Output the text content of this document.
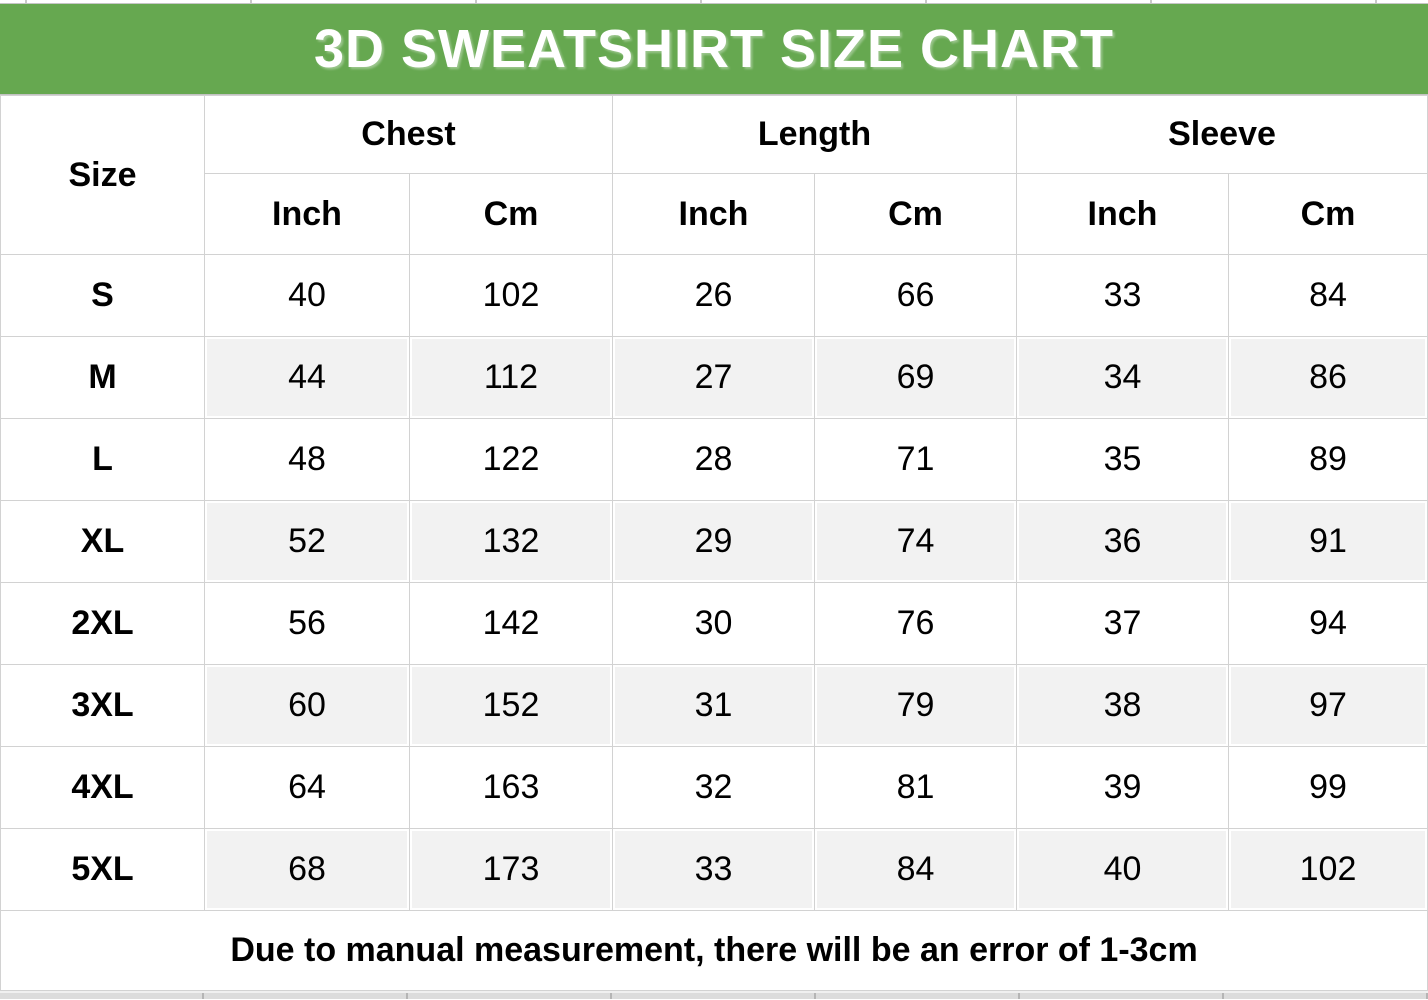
3D SWEATSHIRT SIZE CHART
Size	Chest		Length		Sleeve	
	Inch	Cm	Inch	Cm	Inch	Cm
S	40	102	26	66	33	84
M	44	112	27	69	34	86
L	48	122	28	71	35	89
XL	52	132	29	74	36	91
2XL	56	142	30	76	37	94
3XL	60	152	31	79	38	97
4XL	64	163	32	81	39	99
5XL	68	173	33	84	40	102
Due to manual measurement, there will be an error of 1-3cm						
